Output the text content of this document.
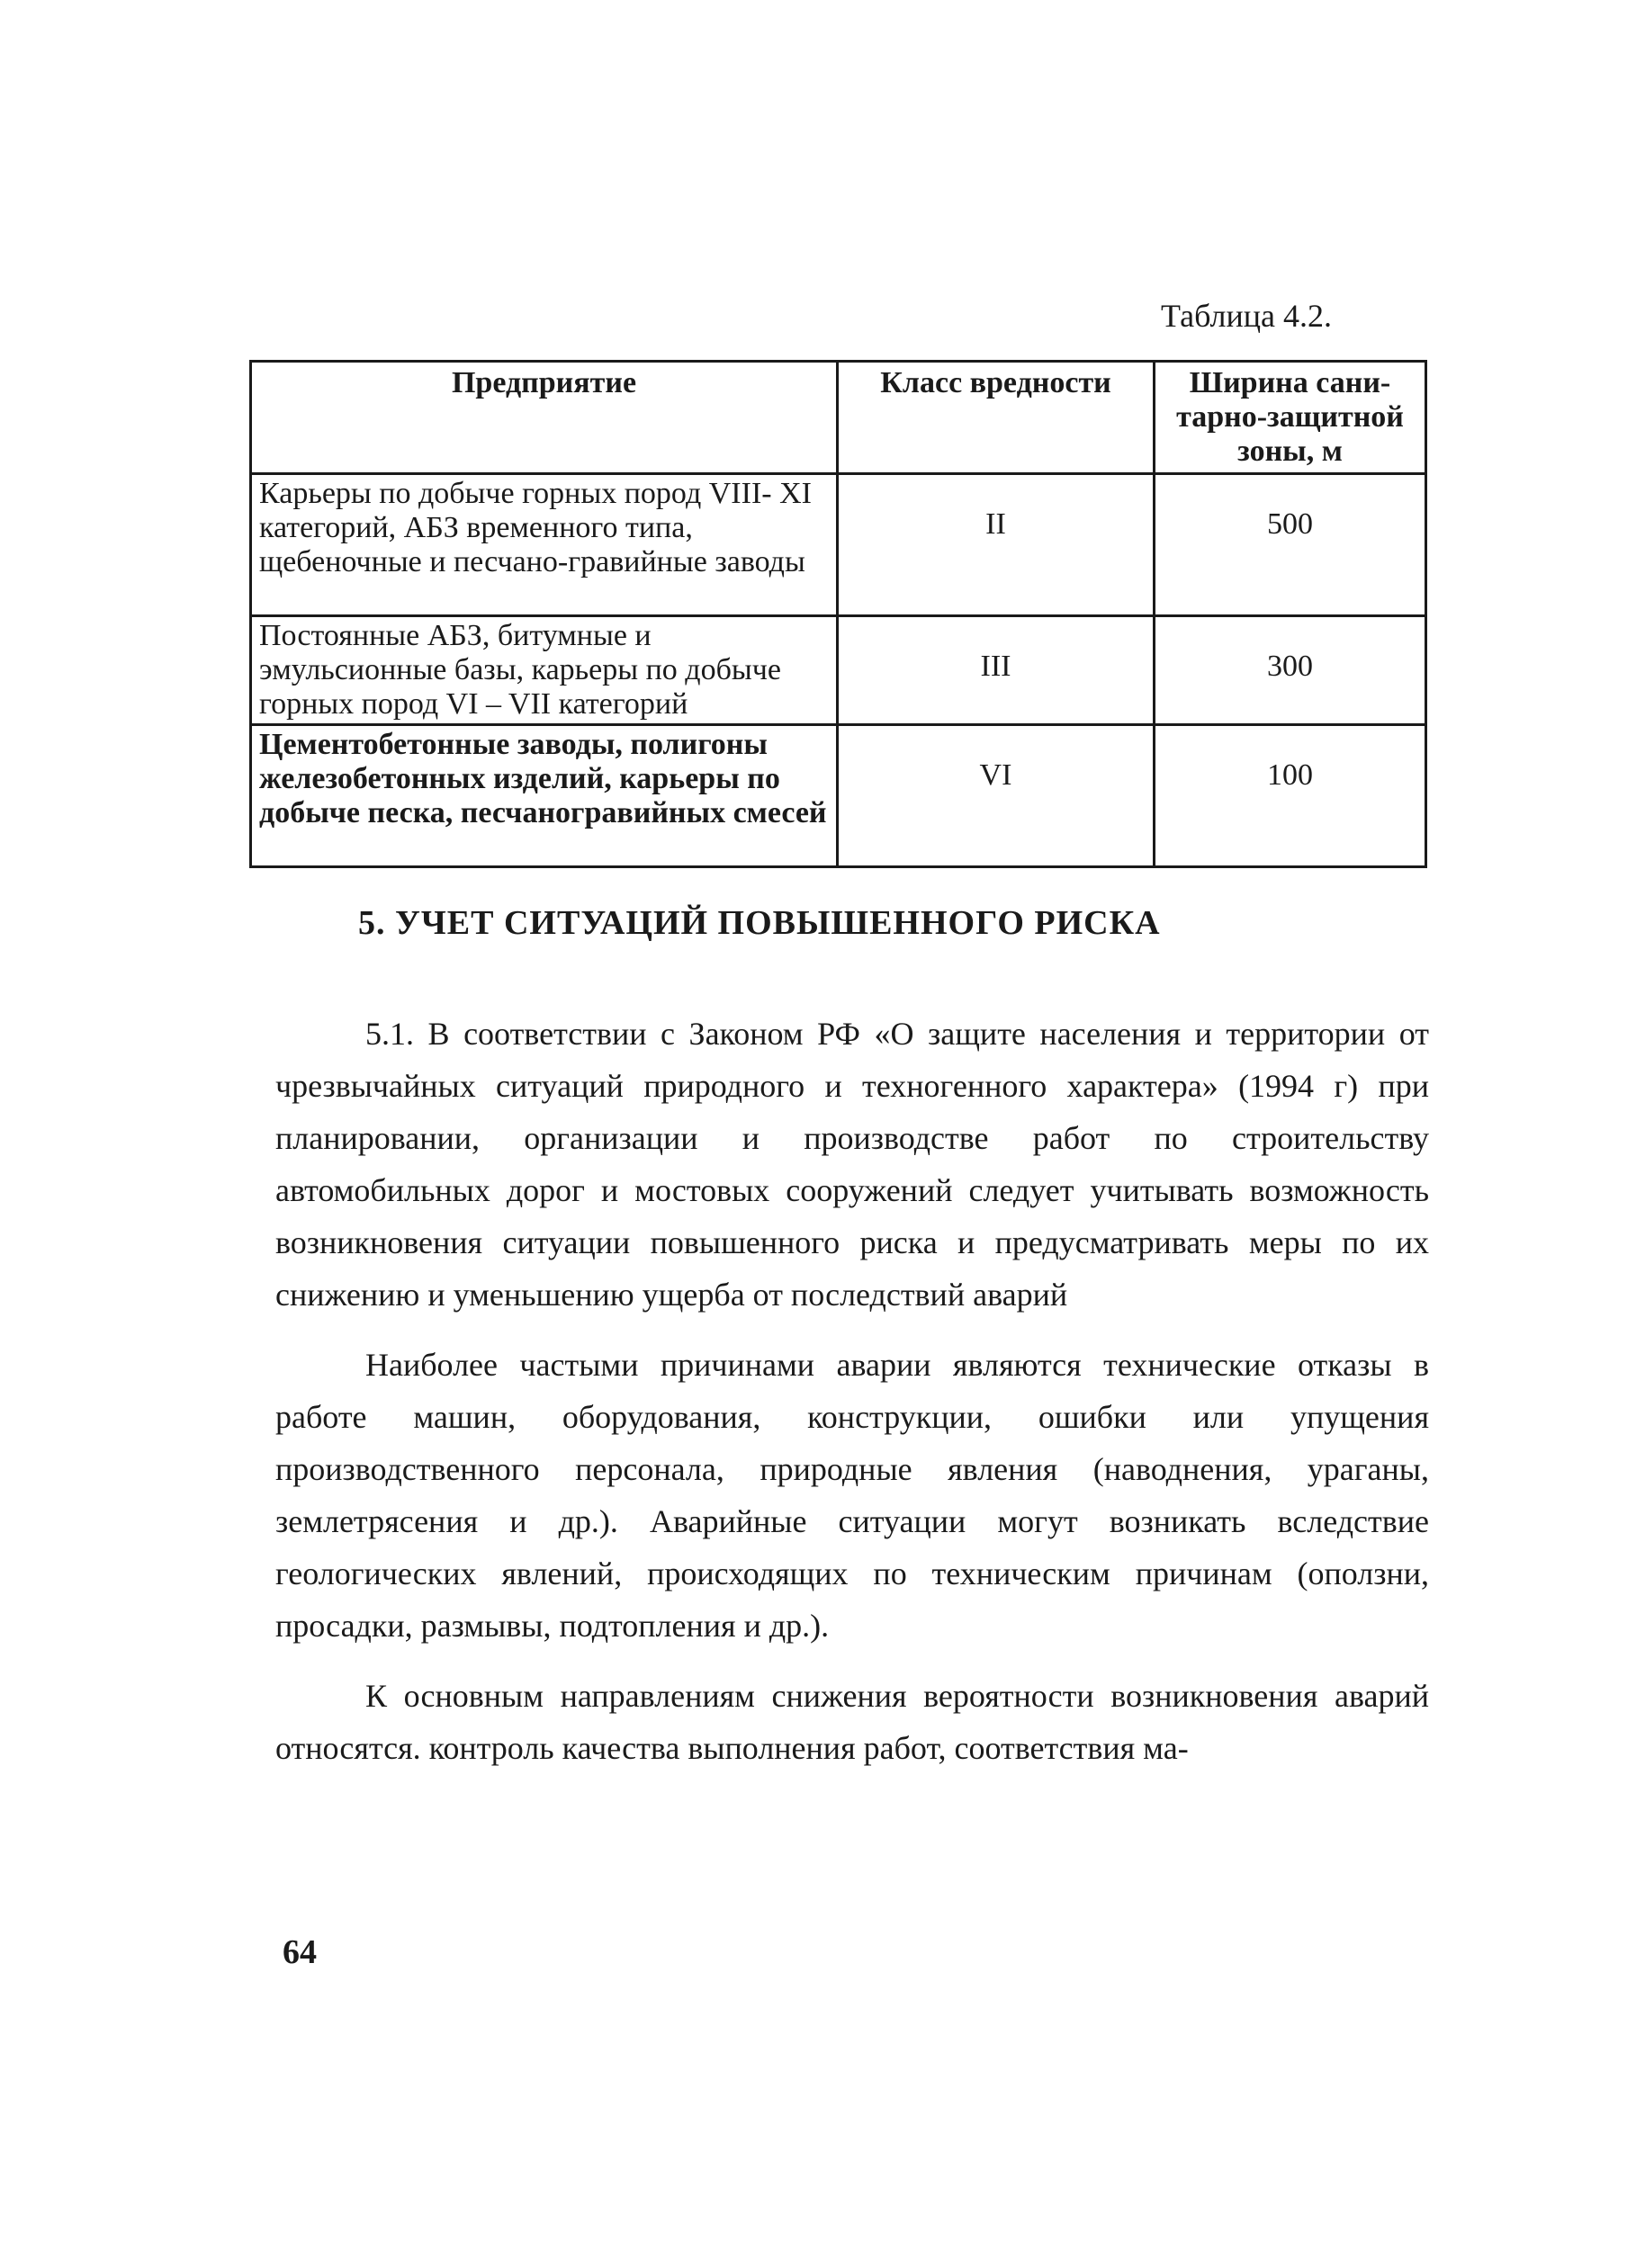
Таблица 4.2.
Предприятие	Класс вредности	Ширина сани-тарно-защитной зоны, м
Карьеры по добыче горных пород VIII- XI категорий, АБЗ временного типа, щебеночные и песчано-гравийные заводы	II	500
Постоянные АБЗ, битумные и эмульсионные базы, карьеры по добыче горных пород VI – VII категорий	III	300
Цементобетонные заводы, полигоны железобетонных изделий, карьеры по добыче песка, песчаногравийных смесей	VI	100
5. УЧЕТ СИТУАЦИЙ ПОВЫШЕННОГО РИСКА

5.1. В соответствии с Законом РФ «О защите населения и территории от чрезвычайных ситуаций природного и техногенного характера» (1994 г) при планировании, организации и производстве работ по строительству автомобильных дорог и мостовых сооружений следует учитывать возможность возникновения ситуации повышенного риска и предусматривать меры по их снижению и уменьшению ущерба от последствий аварий

Наиболее частыми причинами аварии являются технические отказы в работе машин, оборудования, конструкции, ошибки или упущения производственного персонала, природные явления (наводнения, ураганы, землетрясения и др.). Аварийные ситуации могут возникать вследствие геологических явлений, происходящих по техническим причинам (оползни, просадки, размывы, подтопления и др.).

К основным направлениям снижения вероятности возникновения аварий относятся. контроль качества выполнения работ, соответствия ма-

64
